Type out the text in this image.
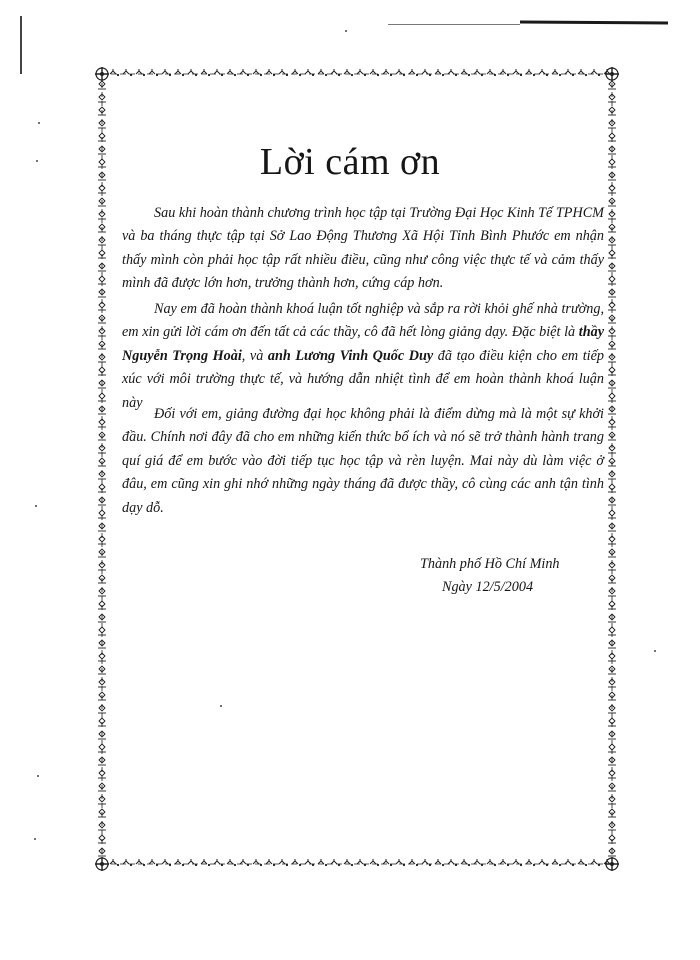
Lời cám ơn

Sau khi hoàn thành chương trình học tập tại Trường Đại Học Kinh Tế TPHCM và ba tháng thực tập tại Sở Lao Động Thương Xã Hội Tỉnh Bình Phước em nhận thấy mình còn phải học tập rất nhiều điều, cũng như công việc thực tế và cảm thấy mình đã được lớn hơn, trưởng thành hơn, cứng cáp hơn.

Nay em đã hoàn thành khoá luận tốt nghiệp và sắp ra rời khỏi ghế nhà trường, em xin gửi lời cám ơn đến tất cả các thầy, cô đã hết lòng giảng dạy. Đặc biệt là thầy Nguyễn Trọng Hoài, và anh Lương Vinh Quốc Duy đã tạo điều kiện cho em tiếp xúc với môi trường thực tế, và hướng dẫn nhiệt tình để em hoàn thành khoá luận này

Đối với em, giảng đường đại học không phải là điểm dừng mà là một sự khởi đầu. Chính nơi đây đã cho em những kiến thức bổ ích và nó sẽ trở thành hành trang quí giá để em bước vào đời tiếp tục học tập và rèn luyện. Mai này dù làm việc ở đâu, em cũng xin ghi nhớ những ngày tháng đã được thầy, cô cùng các anh tận tình dạy dỗ.

Thành phố Hồ Chí Minh
Ngày 12/5/2004
